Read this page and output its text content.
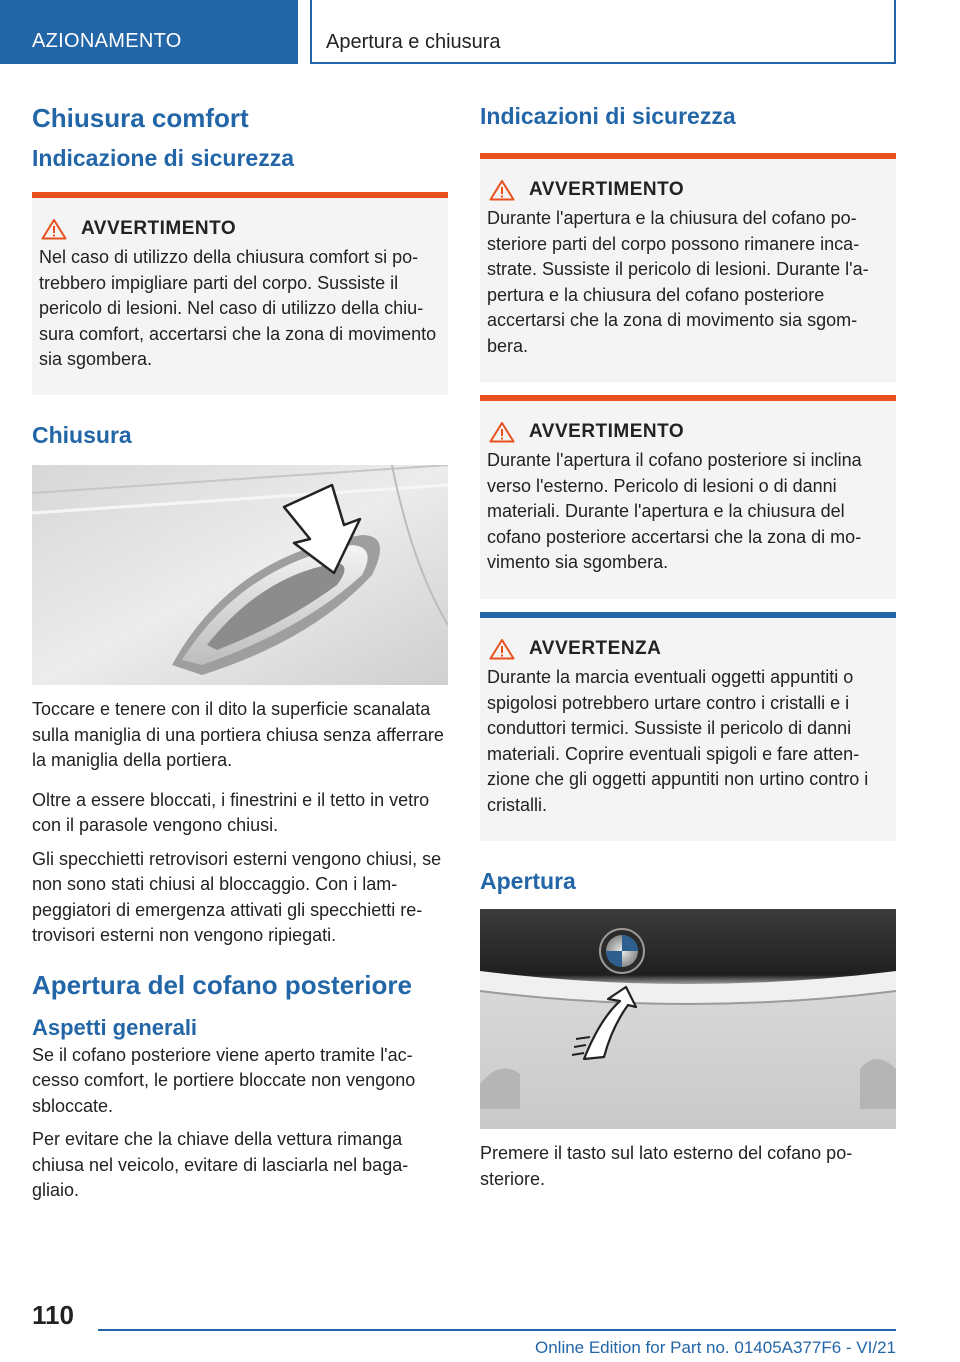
AZIONAMENTO	Apertura e chiusura
Chiusura comfort
Indicazione di sicurezza
AVVERTIMENTO
Nel caso di utilizzo della chiusura comfort si potrebbero impigliare parti del corpo. Sussiste il pericolo di lesioni. Nel caso di utilizzo della chiusura comfort, accertarsi che la zona di movimento sia sgombera.
Chiusura

Toccare e tenere con il dito la superficie scanalata sulla maniglia di una portiera chiusa senza afferrare la maniglia della portiera.

Oltre a essere bloccati, i finestrini e il tetto in vetro con il parasole vengono chiusi.

Gli specchietti retrovisori esterni vengono chiusi, se non sono stati chiusi al bloccaggio. Con i lampeggiatori di emergenza attivati gli specchietti retrovisori esterni non vengono ripiegati.

Apertura del cofano posteriore
Aspetti generali

Se il cofano posteriore viene aperto tramite l'accesso comfort, le portiere bloccate non vengono sbloccate.

Per evitare che la chiave della vettura rimanga chiusa nel veicolo, evitare di lasciarla nel bagagliaio.

Indicazioni di sicurezza
AVVERTIMENTO
Durante l'apertura e la chiusura del cofano posteriore parti del corpo possono rimanere incastrate. Sussiste il pericolo di lesioni. Durante l'apertura e la chiusura del cofano posteriore accertarsi che la zona di movimento sia sgombera.
AVVERTIMENTO
Durante l'apertura il cofano posteriore si inclina verso l'esterno. Pericolo di lesioni o di danni materiali. Durante l'apertura e la chiusura del cofano posteriore accertarsi che la zona di movimento sia sgombera.
AVVERTENZA
Durante la marcia eventuali oggetti appuntiti o spigolosi potrebbero urtare contro i cristalli e i conduttori termici. Sussiste il pericolo di danni materiali. Coprire eventuali spigoli e fare attenzione che gli oggetti appuntiti non urtino contro i cristalli.
Apertura

Premere il tasto sul lato esterno del cofano posteriore.

110
Online Edition for Part no. 01405A377F6 - VI/21
